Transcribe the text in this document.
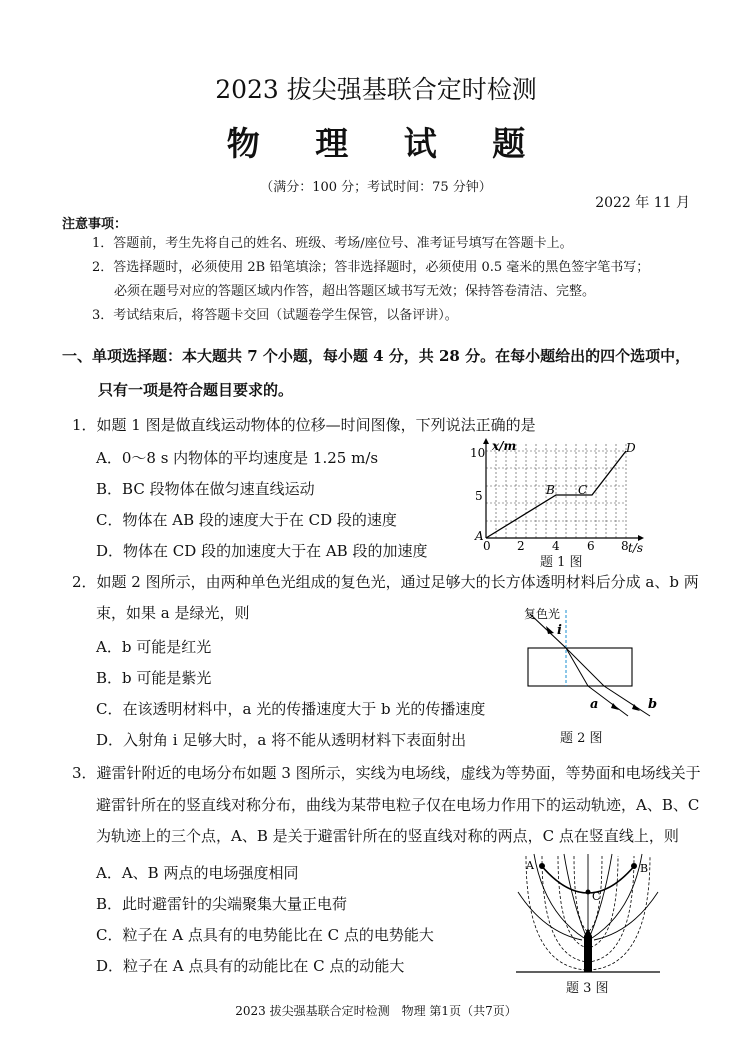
2023 拔尖强基联合定时检测
物 理 试 题
（满分：100 分；考试时间：75 分钟）
2022 年 11 月
注意事项：
1．答题前，考生先将自己的姓名、班级、考场/座位号、准考证号填写在答题卡上。
2．答选择题时，必须使用 2B 铅笔填涂；答非选择题时，必须使用 0.5 毫米的黑色签字笔书写；
必须在题号对应的答题区域内作答，超出答题区域书写无效；保持答卷清洁、完整。
3．考试结束后，将答题卡交回（试题卷学生保管，以备评讲）。
一、单项选择题：本大题共 7 个小题，每小题 4 分，共 28 分。在每小题给出的四个选项中，
只有一项是符合题目要求的。
1．如题 1 图是做直线运动物体的位移—时间图像，下列说法正确的是
A．0～8 s 内物体的平均速度是 1.25 m/s
B．BC 段物体在做匀速直线运动
C．物体在 AB 段的速度大于在 CD 段的速度
D．物体在 CD 段的加速度大于在 AB 段的加速度
x/m
t/s
10
5
0 2 4 6 8
A
B C
D
题 1 图
2．如题 2 图所示，由两种单色光组成的复色光，通过足够大的长方体透明材料后分成 a、b 两
束，如果 a 是绿光，则
A．b 可能是红光
B．b 可能是紫光
C．在该透明材料中，a 光的传播速度大于 b 光的传播速度
D．入射角 i 足够大时，a 将不能从透明材料下表面射出
复色光
i
a	b
题 2 图
3．避雷针附近的电场分布如题 3 图所示，实线为电场线，虚线为等势面，等势面和电场线关于
避雷针所在的竖直线对称分布，曲线为某带电粒子仅在电场力作用下的运动轨迹，A、B、C
为轨迹上的三个点，A、B 是关于避雷针所在的竖直线对称的两点，C 点在竖直线上，则
A．A、B 两点的电场强度相同
B．此时避雷针的尖端聚集大量正电荷
C．粒子在 A 点具有的电势能比在 C 点的电势能大
D．粒子在 A 点具有的动能比在 C 点的动能大
A	B
C
题 3 图
2023 拔尖强基联合定时检测　物理 第1页（共7页）
